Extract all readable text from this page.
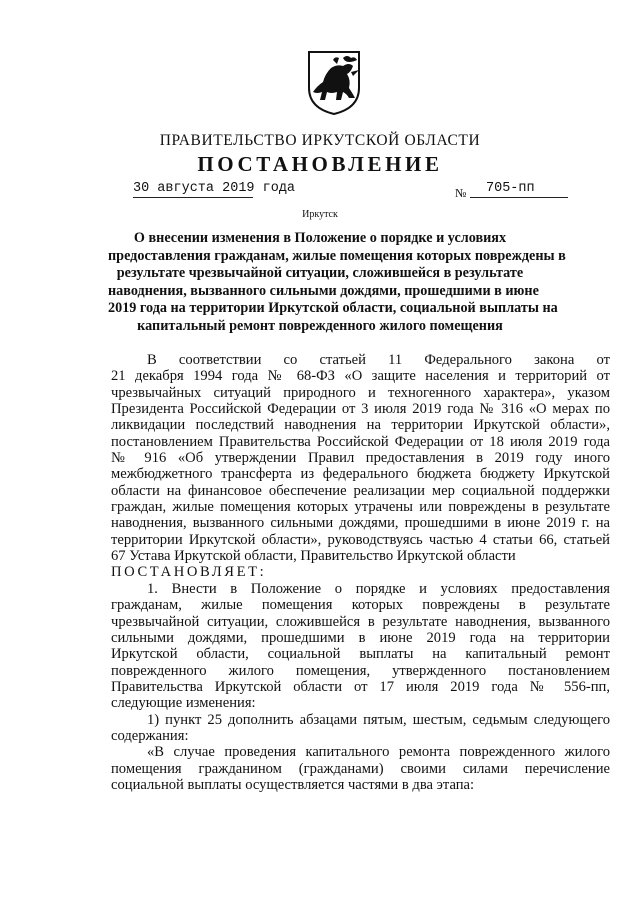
ПРАВИТЕЛЬСТВО ИРКУТСКОЙ ОБЛАСТИ
ПОСТАНОВЛЕНИЕ
30 августа 2019 года	№	705-пп
Иркутск
О внесении изменения в Положение о порядке и условиях
предоставления гражданам, жилые помещения которых повреждены в
результате чрезвычайной ситуации, сложившейся в результате
наводнения, вызванного сильными дождями, прошедшими в июне
2019 года на территории Иркутской области, социальной выплаты на
капитальный ремонт поврежденного жилого помещения
В соответствии со статьей 11 Федерального закона от
21 декабря 1994 года № 68-ФЗ «О защите населения и территорий от
чрезвычайных ситуаций природного и техногенного характера», указом
Президента Российской Федерации от 3 июля 2019 года № 316 «О мерах по
ликвидации последствий наводнения на территории Иркутской области»,
постановлением Правительства Российской Федерации от 18 июля 2019 года
№ 916 «Об утверждении Правил предоставления в 2019 году иного
межбюджетного трансферта из федерального бюджета бюджету Иркутской
области на финансовое обеспечение реализации мер социальной поддержки
граждан, жилые помещения которых утрачены или повреждены в результате
наводнения, вызванного сильными дождями, прошедшими в июне 2019 г. на
территории Иркутской области», руководствуясь частью 4 статьи 66, статьей
67 Устава Иркутской области, Правительство Иркутской области
ПОСТАНОВЛЯЕТ:
1. Внести в Положение о порядке и условиях предоставления
гражданам, жилые помещения которых повреждены в результате
чрезвычайной ситуации, сложившейся в результате наводнения, вызванного
сильными дождями, прошедшими в июне 2019 года на территории
Иркутской области, социальной выплаты на капитальный ремонт
поврежденного жилого помещения, утвержденного постановлением
Правительства Иркутской области от 17 июля 2019 года № 556-пп,
следующие изменения:
1) пункт 25 дополнить абзацами пятым, шестым, седьмым следующего
содержания:
«В случае проведения капитального ремонта поврежденного жилого
помещения гражданином (гражданами) своими силами перечисление
социальной выплаты осуществляется частями в два этапа:
